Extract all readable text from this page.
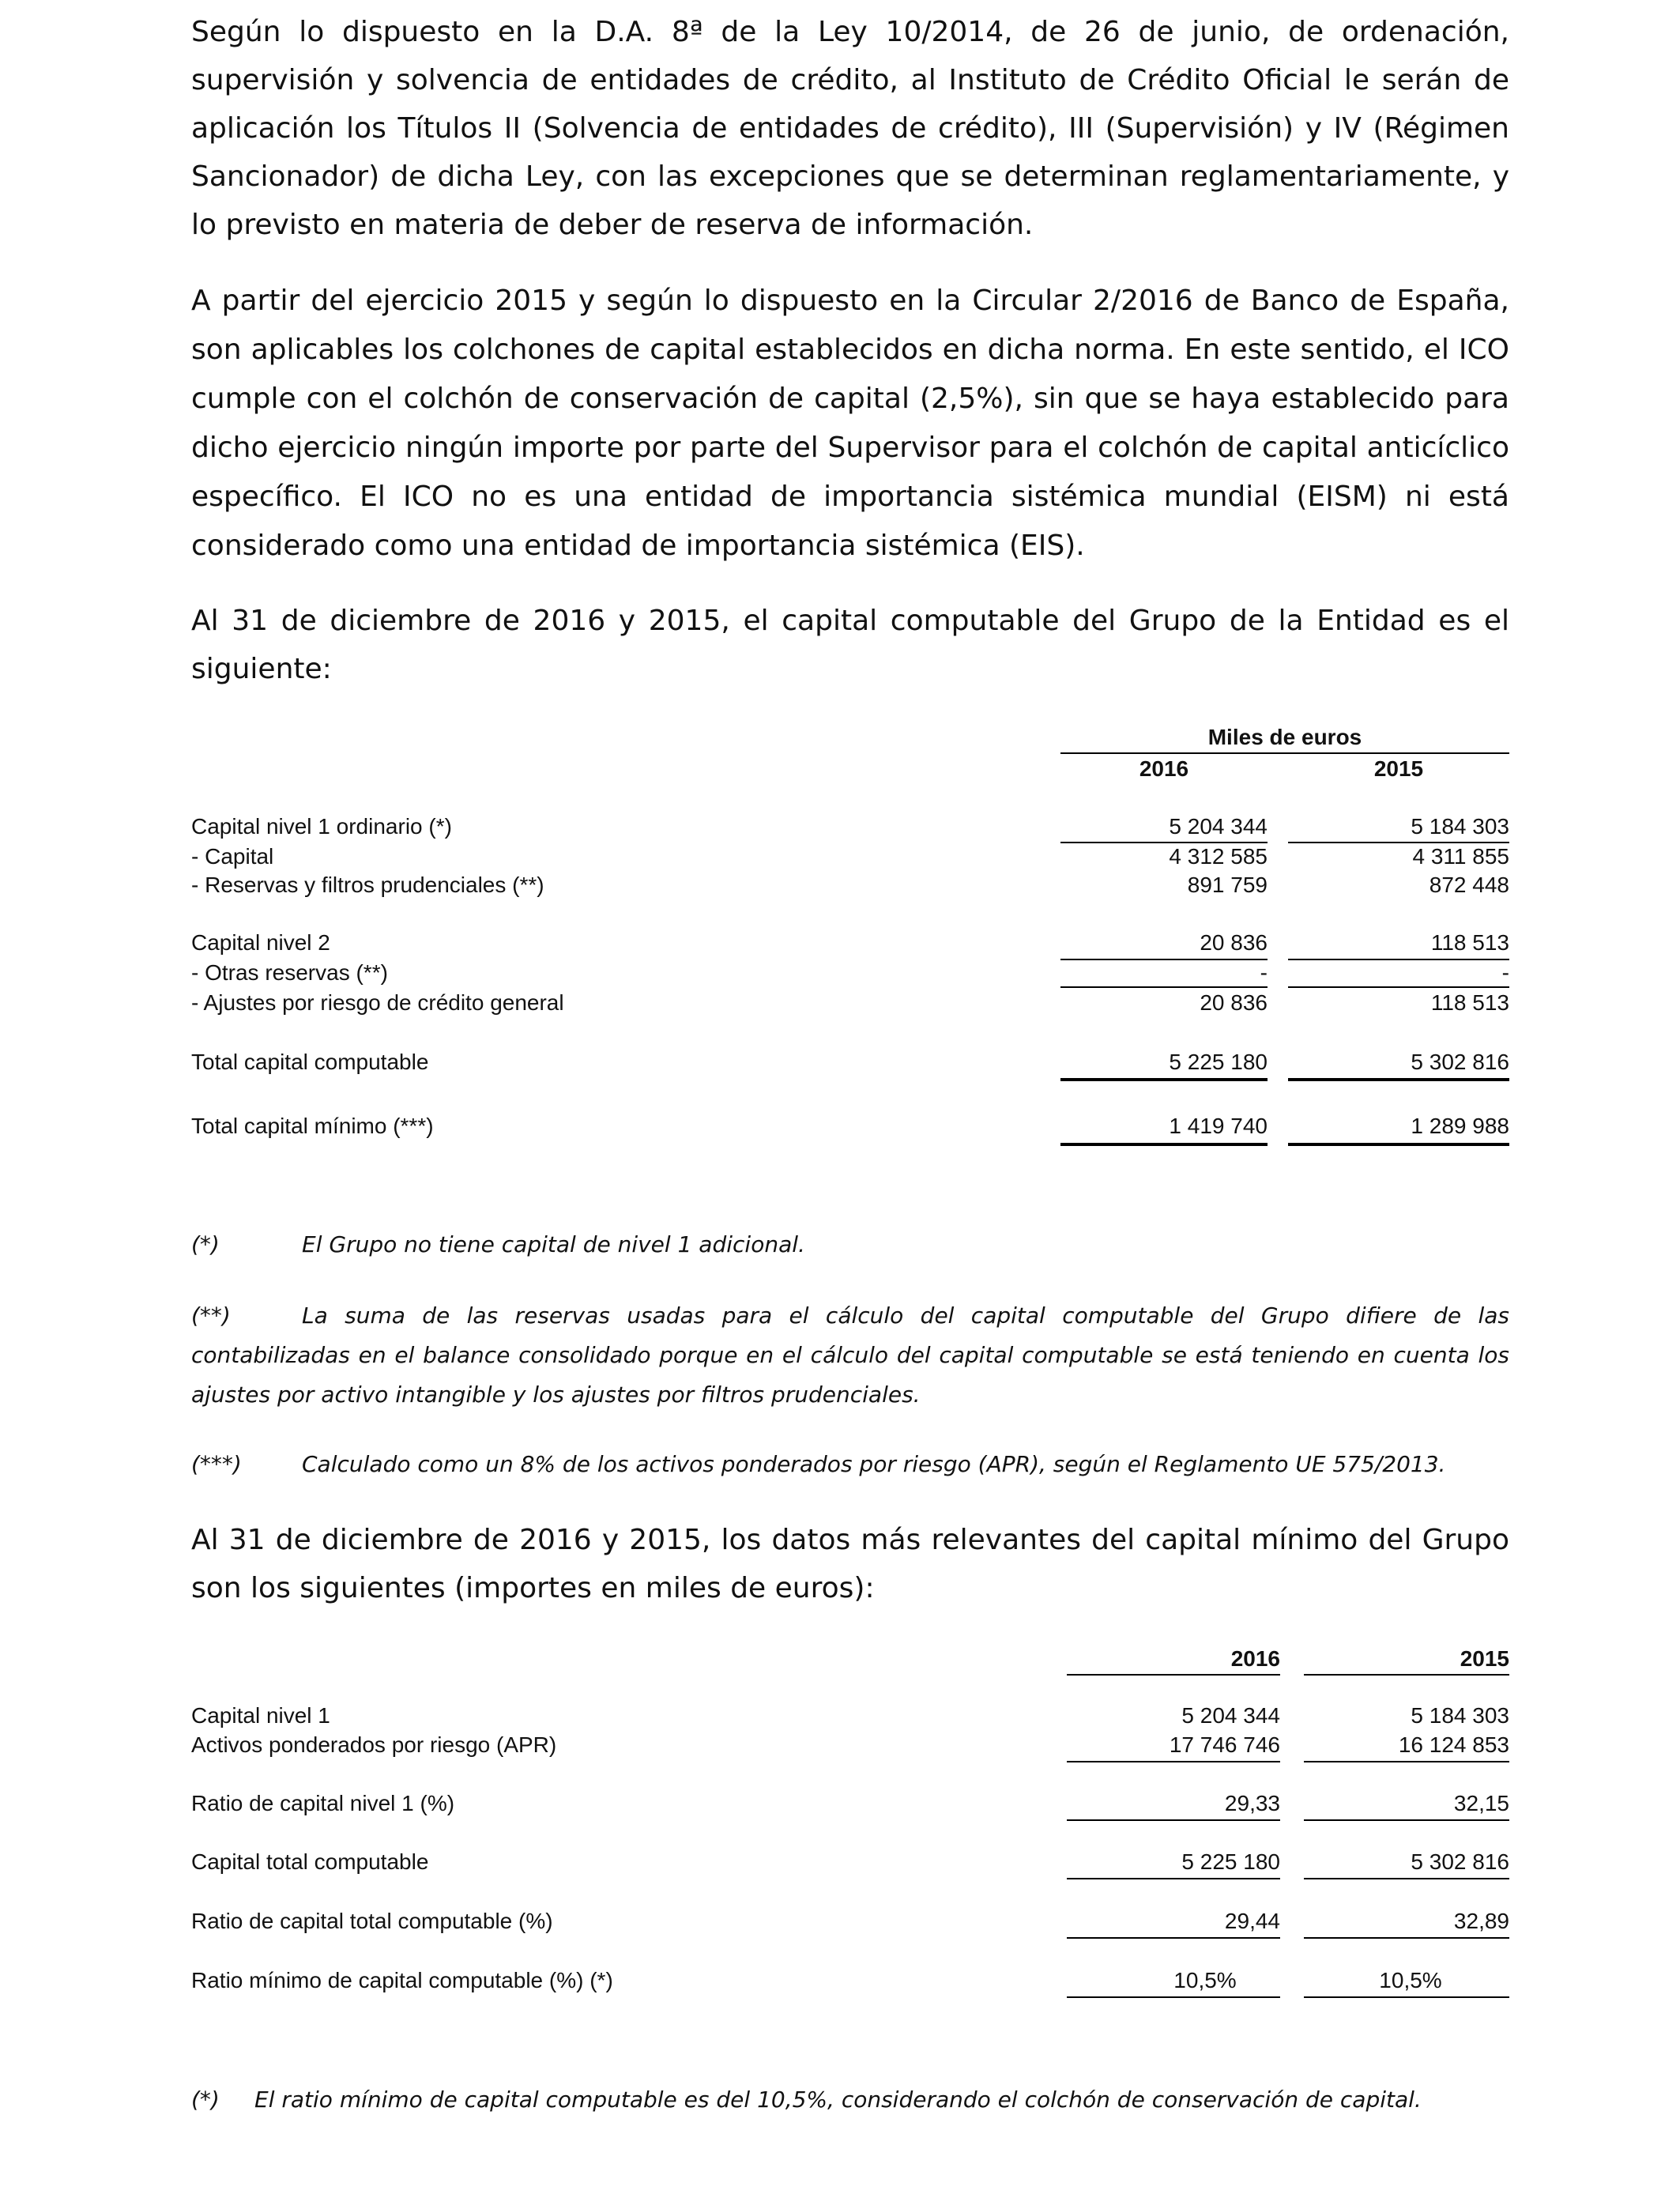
Según lo dispuesto en la D.A. 8ª de la Ley 10/2014, de 26 de junio, de ordenación, supervisión y solvencia de entidades de crédito, al Instituto de Crédito Oficial le serán de aplicación los Títulos II (Solvencia de entidades de crédito), III (Supervisión) y IV (Régimen Sancionador) de dicha Ley, con las excepciones que se determinan reglamentariamente, y lo previsto en materia de deber de reserva de información.

A partir del ejercicio 2015 y según lo dispuesto en la Circular 2/2016 de Banco de España, son aplicables los colchones de capital establecidos en dicha norma. En este sentido, el ICO cumple con el colchón de conservación de capital (2,5%), sin que se haya establecido para dicho ejercicio ningún importe por parte del Supervisor para el colchón de capital anticíclico específico. El ICO no es una entidad de importancia sistémica mundial (EISM) ni está considerado como una entidad de importancia sistémica (EIS).

Al 31 de diciembre de 2016 y 2015, el capital computable del Grupo de la Entidad es el siguiente:

Miles de euros
2016	2015
Capital nivel 1 ordinario (*)	5 204 344	5 184 303
- Capital	4 312 585	4 311 855
- Reservas y filtros prudenciales (**)	891 759	872 448
Capital nivel 2	20 836	118 513
- Otras reservas (**)	-	-
- Ajustes por riesgo de crédito general	20 836	118 513
Total capital computable	5 225 180	5 302 816
Total capital mínimo (***)	1 419 740	1 289 988
(*)	El Grupo no tiene capital de nivel 1 adicional.

(**)	La suma de las reservas usadas para el cálculo del capital computable del Grupo difiere de las contabilizadas en el balance consolidado porque en el cálculo del capital computable se está teniendo en cuenta los ajustes por activo intangible y los ajustes por filtros prudenciales.

(***)	Calculado como un 8% de los activos ponderados por riesgo (APR), según el Reglamento UE 575/2013.

Al 31 de diciembre de 2016 y 2015, los datos más relevantes del capital mínimo del Grupo son los siguientes (importes en miles de euros):

2016	2015
Capital nivel 1	5 204 344	5 184 303
Activos ponderados por riesgo (APR)	17 746 746	16 124 853
Ratio de capital nivel 1 (%)	29,33	32,15
Capital total computable	5 225 180	5 302 816
Ratio de capital total computable (%)	29,44	32,89
Ratio mínimo de capital computable (%) (*)	10,5%	10,5%
(*) El ratio mínimo de capital computable es del 10,5%, considerando el colchón de conservación de capital.
